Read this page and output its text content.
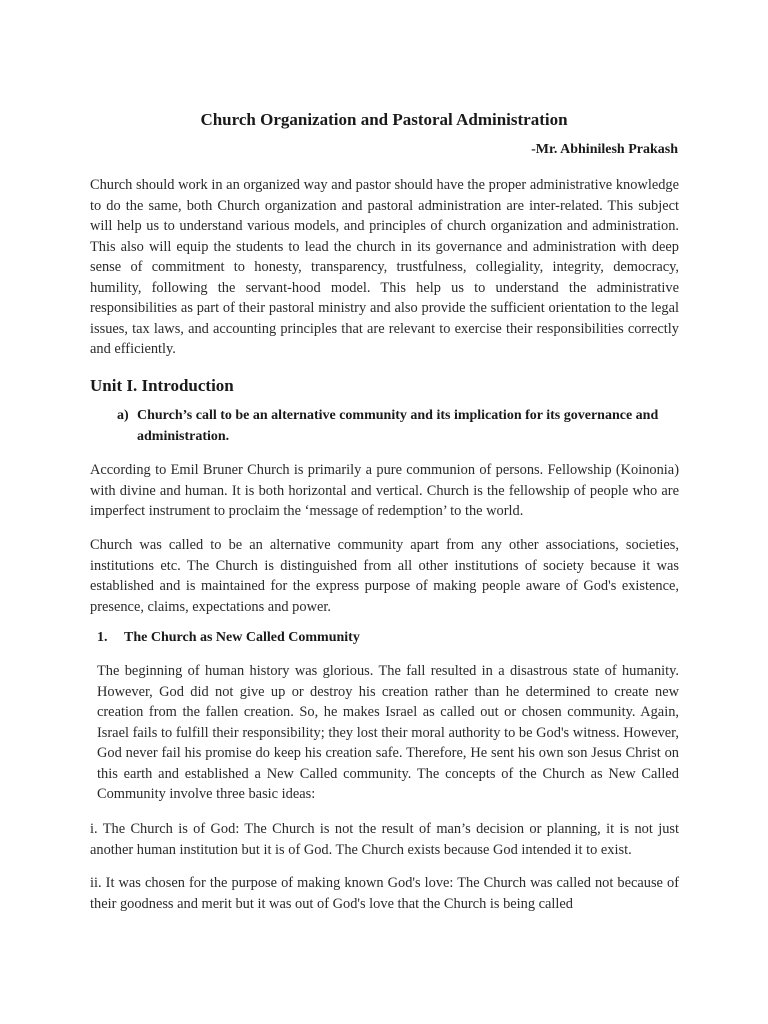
Church Organization and Pastoral Administration
-Mr. Abhinilesh Prakash
Church should work in an organized way and pastor should have the proper administrative knowledge to do the same, both Church organization and pastoral administration are inter-related. This subject will help us to understand various models, and principles of church organization and administration. This also will equip the students to lead the church in its governance and administration with deep sense of commitment to honesty, transparency, trustfulness, collegiality, integrity, democracy, humility, following the servant-hood model. This help us to understand the administrative responsibilities as part of their pastoral ministry and also provide the sufficient orientation to the legal issues, tax laws, and accounting principles that are relevant to exercise their responsibilities correctly and efficiently.
Unit I. Introduction
a) Church’s call to be an alternative community and its implication for its governance and administration.
According to Emil Bruner Church is primarily a pure communion of persons. Fellowship (Koinonia) with divine and human. It is both horizontal and vertical. Church is the fellowship of people who are imperfect instrument to proclaim the ‘message of redemption’ to the world.
Church was called to be an alternative community apart from any other associations, societies, institutions etc. The Church is distinguished from all other institutions of society because it was established and is maintained for the express purpose of making people aware of God's existence, presence, claims, expectations and power.
1. The Church as New Called Community
The beginning of human history was glorious. The fall resulted in a disastrous state of humanity. However, God did not give up or destroy his creation rather than he determined to create new creation from the fallen creation. So, he makes Israel as called out or chosen community. Again, Israel fails to fulfill their responsibility; they lost their moral authority to be God's witness. However, God never fail his promise do keep his creation safe. Therefore, He sent his own son Jesus Christ on this earth and established a New Called community. The concepts of the Church as New Called Community involve three basic ideas:
i. The Church is of God: The Church is not the result of man’s decision or planning, it is not just another human institution but it is of God. The Church exists because God intended it to exist.
ii. It was chosen for the purpose of making known God's love: The Church was called not because of their goodness and merit but it was out of God's love that the Church is being called
